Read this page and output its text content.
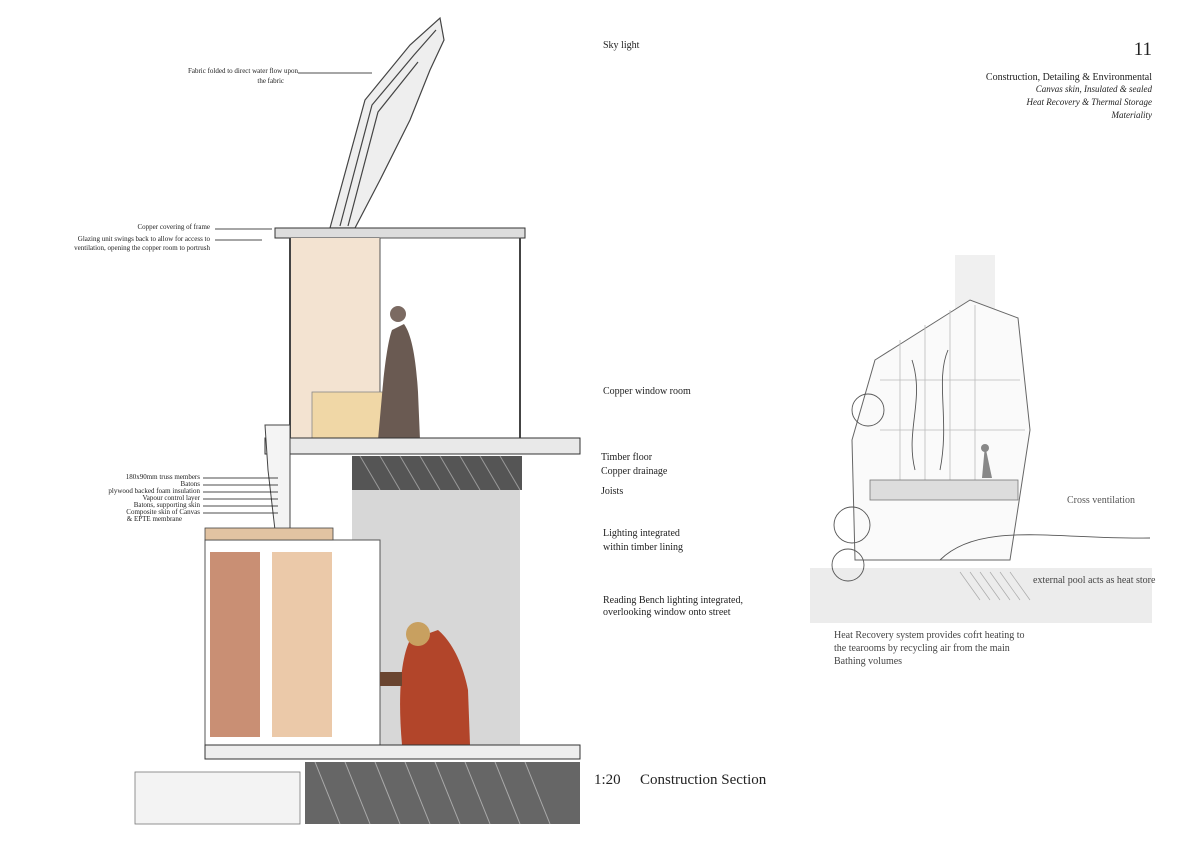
11
Construction, Detailing & Environmental
Canvas skin, Insulated & sealed
Heat Recovery & Thermal Storage
Materiality
Sky light
Copper window room
Timber floor
Copper drainage
Joists
Lighting integrated
within timber lining
Reading Bench lighting integrated,
overlooking window onto street
Fabric folded to direct water flow upon
the fabric
Copper covering of frame
Glazing unit swings back to allow for access to
ventilation, opening the copper room to portrush
180x90mm truss members
Batons
plywood backed foam insulation
Vapour control layer
Batons, supporting skin
Composite skin of Canvas
& EPTE membrane
1:20 Construction Section
Cross ventilation
external pool acts as heat store
Heat Recovery system provides cofrt heating to
the tearooms by recycling air from the main
Bathing volumes
